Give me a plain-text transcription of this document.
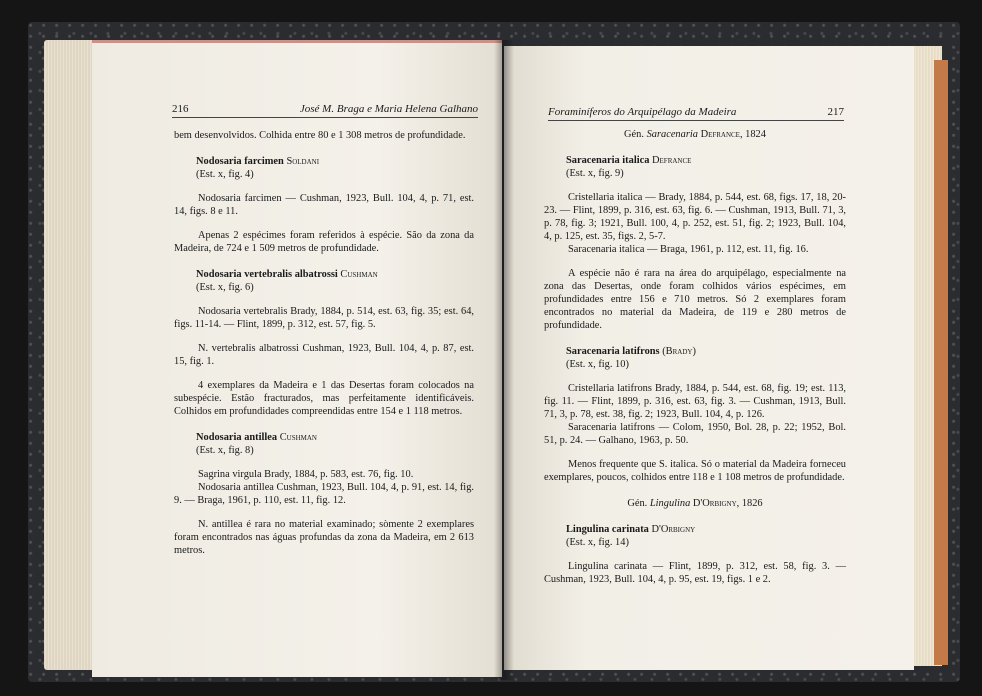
216	José M. Braga e Maria Helena Galhano

bem desenvolvidos. Colhida entre 80 e 1 308 metros de profundidade.

Nodosaria farcimen Soldani

(Est. x, fig. 4)

Nodosaria farcimen — Cushman, 1923, Bull. 104, 4, p. 71, est. 14, figs. 8 e 11.

Apenas 2 espécimes foram referidos à espécie. São da zona da Madeira, de 724 e 1 509 metros de profundidade.

Nodosaria vertebralis albatrossi Cushman

(Est. x, fig. 6)

Nodosaria vertebralis Brady, 1884, p. 514, est. 63, fig. 35; est. 64, figs. 11-14. — Flint, 1899, p. 312, est. 57, fig. 5.

N. vertebralis albatrossi Cushman, 1923, Bull. 104, 4, p. 87, est. 15, fig. 1.

4 exemplares da Madeira e 1 das Desertas foram colocados na subespécie. Estão fracturados, mas perfeitamente identificáveis. Colhidos em profundidades compreendidas entre 154 e 1 118 metros.

Nodosaria antillea Cushman

(Est. x, fig. 8)

Sagrina virgula Brady, 1884, p. 583, est. 76, fig. 10.

Nodosaria antillea Cushman, 1923, Bull. 104, 4, p. 91, est. 14, fig. 9. — Braga, 1961, p. 110, est. 11, fig. 12.

N. antillea é rara no material examinado; sòmente 2 exemplares foram encontrados nas águas profundas da zona da Madeira, em 2 613 metros.

Foraminíferos do Arquipélago da Madeira	217

Gén. Saracenaria Defrance, 1824

Saracenaria italica Defrance

(Est. x, fig. 9)

Cristellaria italica — Brady, 1884, p. 544, est. 68, figs. 17, 18, 20-23. — Flint, 1899, p. 316, est. 63, fig. 6. — Cushman, 1913, Bull. 71, 3, p. 78, fig. 3; 1921, Bull. 100, 4, p. 252, est. 51, fig. 2; 1923, Bull. 104, 4, p. 125, est. 35, figs. 2, 5-7.

Saracenaria italica — Braga, 1961, p. 112, est. 11, fig. 16.

A espécie não é rara na área do arquipélago, especialmente na zona das Desertas, onde foram colhidos vários espécimes, em profundidades entre 156 e 710 metros. Só 2 exemplares foram encontrados no material da Madeira, de 119 e 280 metros de profundidade.

Saracenaria latifrons (Brady)

(Est. x, fig. 10)

Cristellaria latifrons Brady, 1884, p. 544, est. 68, fig. 19; est. 113, fig. 11. — Flint, 1899, p. 316, est. 63, fig. 3. — Cushman, 1913, Bull. 71, 3, p. 78, est. 38, fig. 2; 1923, Bull. 104, 4, p. 126.

Saracenaria latifrons — Colom, 1950, Bol. 28, p. 22; 1952, Bol. 51, p. 24. — Galhano, 1963, p. 50.

Menos frequente que S. italica. Só o material da Madeira forneceu exemplares, poucos, colhidos entre 118 e 1 108 metros de profundidade.

Gén. Lingulina D'Orbigny, 1826

Lingulina carinata D'Orbigny

(Est. x, fig. 14)

Lingulina carinata — Flint, 1899, p. 312, est. 58, fig. 3. — Cushman, 1923, Bull. 104, 4, p. 95, est. 19, figs. 1 e 2.
